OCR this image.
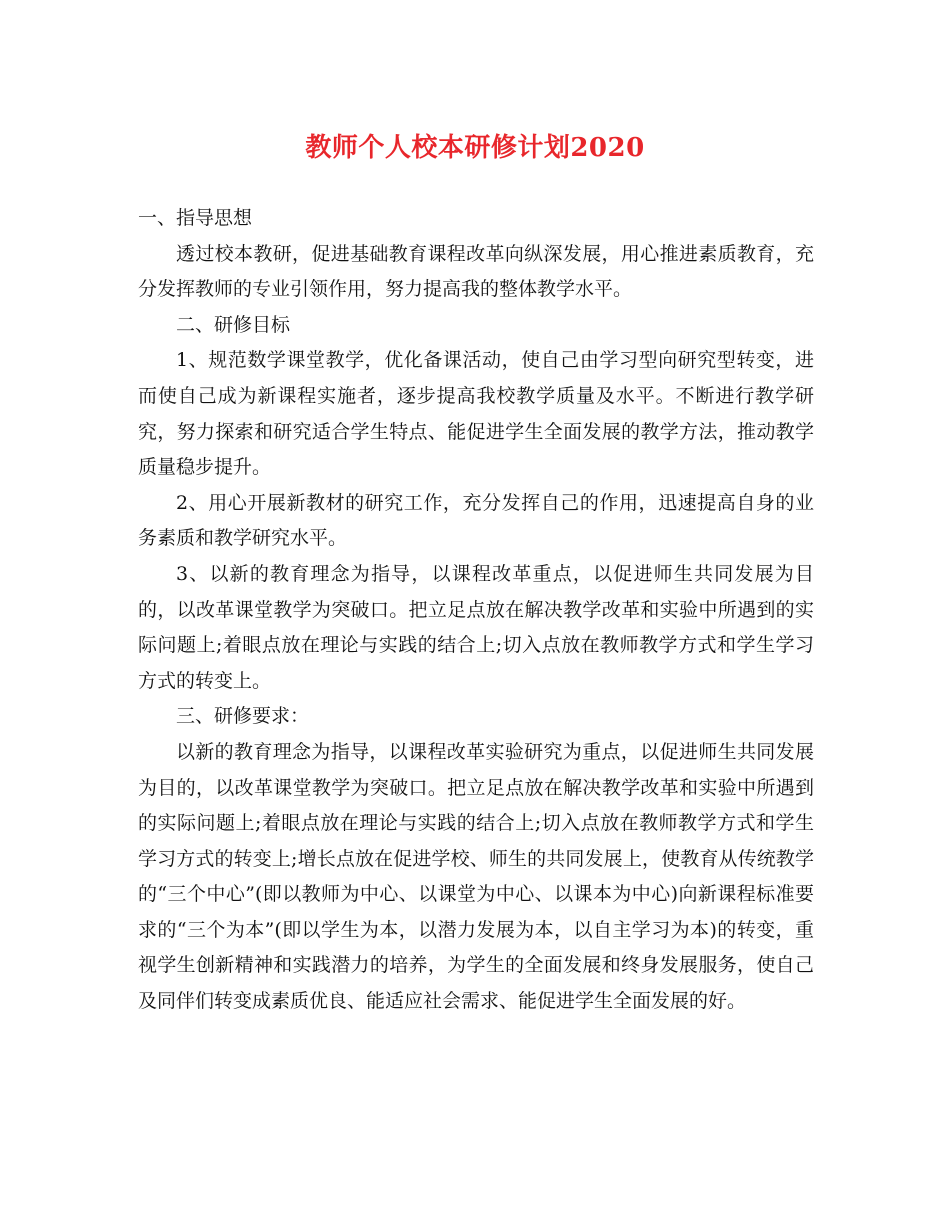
教师个人校本研修计划2020

一、指导思想

透过校本教研，促进基础教育课程改革向纵深发展，用心推进素质教育，充分发挥教师的专业引领作用，努力提高我的整体教学水平。

二、研修目标

1、规范数学课堂教学，优化备课活动，使自己由学习型向研究型转变，进而使自己成为新课程实施者，逐步提高我校教学质量及水平。不断进行教学研究，努力探索和研究适合学生特点、能促进学生全面发展的教学方法，推动教学质量稳步提升。

2、用心开展新教材的研究工作，充分发挥自己的作用，迅速提高自身的业务素质和教学研究水平。

3、以新的教育理念为指导，以课程改革重点，以促进师生共同发展为目的，以改革课堂教学为突破口。把立足点放在解决教学改革和实验中所遇到的实际问题上;着眼点放在理论与实践的结合上;切入点放在教师教学方式和学生学习方式的转变上。

三、研修要求：

以新的教育理念为指导，以课程改革实验研究为重点，以促进师生共同发展为目的，以改革课堂教学为突破口。把立足点放在解决教学改革和实验中所遇到的实际问题上;着眼点放在理论与实践的结合上;切入点放在教师教学方式和学生学习方式的转变上;增长点放在促进学校、师生的共同发展上，使教育从传统教学的“三个中心”(即以教师为中心、以课堂为中心、以课本为中心)向新课程标准要求的“三个为本”(即以学生为本，以潜力发展为本，以自主学习为本)的转变，重视学生创新精神和实践潜力的培养，为学生的全面发展和终身发展服务，使自己及同伴们转变成素质优良、能适应社会需求、能促进学生全面发展的好。
